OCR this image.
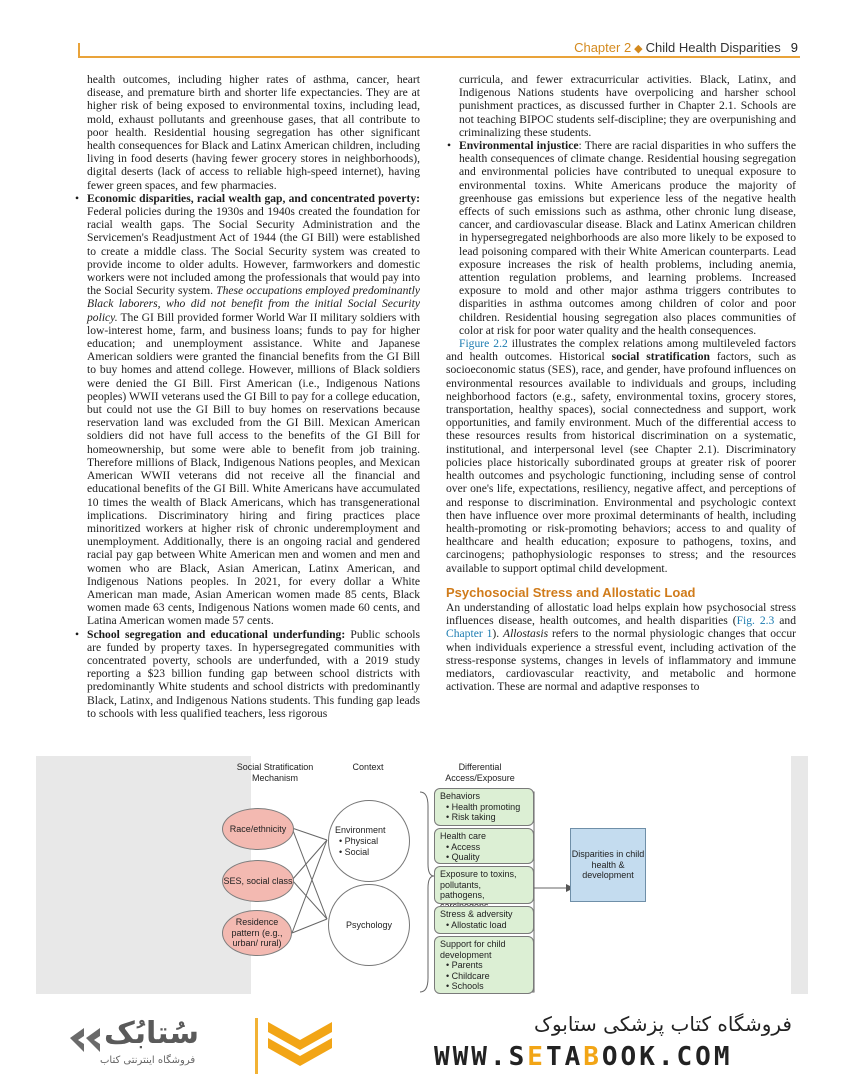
Chapter 2 ◆ Child Health Disparities 9

health outcomes, including higher rates of asthma, cancer, heart disease, and premature birth and shorter life expectancies. They are at higher risk of being exposed to environmental toxins, including lead, mold, exhaust pollutants and greenhouse gases, that all contribute to poor health. Residential housing segregation has other significant health consequences for Black and Latinx American children, including living in food deserts (having fewer grocery stores in neighborhoods), digital deserts (lack of access to reliable high-speed internet), having fewer green spaces, and few pharmacies.

• Economic disparities, racial wealth gap, and concentrated poverty: Federal policies during the 1930s and 1940s created the foundation for racial wealth gaps. The Social Security Administration and the Servicemen's Readjustment Act of 1944 (the GI Bill) were established to create a middle class. The Social Security system was created to provide income to older adults. However, farmworkers and domestic workers were not included among the professionals that would pay into the Social Security system. These occupations employed predominantly Black laborers, who did not benefit from the initial Social Security policy. The GI Bill provided former World War II military soldiers with low-interest home, farm, and business loans; funds to pay for higher education; and unemployment assistance. White and Japanese American soldiers were granted the financial benefits from the GI Bill to buy homes and attend college. However, millions of Black soldiers were denied the GI Bill. First American (i.e., Indigenous Nations peoples) WWII veterans used the GI Bill to pay for a college education, but could not use the GI Bill to buy homes on reservations because reservation land was excluded from the GI Bill. Mexican American soldiers did not have full access to the benefits of the GI Bill for homeownership, but some were able to benefit from job training. Therefore millions of Black, Indigenous Nations peoples, and Mexican American WWII veterans did not receive all the financial and educational benefits of the GI Bill. White Americans have accumulated 10 times the wealth of Black Americans, which has transgenerational implications. Discriminatory hiring and firing practices place minoritized workers at higher risk of chronic underemployment and unemployment. Additionally, there is an ongoing racial and gendered racial pay gap between White American men and women and men and women who are Black, Asian American, Latinx American, and Indigenous Nations peoples. In 2021, for every dollar a White American man made, Asian American women made 85 cents, Black women made 63 cents, Indigenous Nations women made 60 cents, and Latina American women made 57 cents.
• School segregation and educational underfunding: Public schools are funded by property taxes. In hypersegregated communities with concentrated poverty, schools are underfunded, with a 2019 study reporting a $23 billion funding gap between school districts with predominantly White students and school districts with predominantly Black, Latinx, and Indigenous Nations students. This funding gap leads to schools with less qualified teachers, less rigorous

curricula, and fewer extracurricular activities. Black, Latinx, and Indigenous Nations students have overpolicing and harsher school punishment practices, as discussed further in Chapter 2.1. Schools are not teaching BIPOC students self-discipline; they are overpunishing and criminalizing these students.

• Environmental injustice: There are racial disparities in who suffers the health consequences of climate change. Residential housing segregation and environmental policies have contributed to unequal exposure to environmental toxins. White Americans produce the majority of greenhouse gas emissions but experience less of the negative health effects of such emissions such as asthma, other chronic lung disease, cancer, and cardiovascular disease. Black and Latinx American children in hypersegregated neighborhoods are also more likely to be exposed to lead poisoning compared with their White American counterparts. Lead exposure increases the risk of health problems, including anemia, attention regulation problems, and learning problems. Increased exposure to mold and other major asthma triggers contributes to disparities in asthma outcomes among children of color and poor children. Residential housing segregation also places communities of color at risk for poor water quality and the health consequences.

Figure 2.2 illustrates the complex relations among multileveled factors and health outcomes. Historical social stratification factors, such as socioeconomic status (SES), race, and gender, have profound influences on environmental resources available to individuals and groups, including neighborhood factors (e.g., safety, environmental toxins, grocery stores, transportation, healthy spaces), social connectedness and support, work opportunities, and family environment. Much of the differential access to these resources results from historical discrimination on a systematic, institutional, and interpersonal level (see Chapter 2.1). Discriminatory policies place historically subordinated groups at greater risk of poorer health outcomes and psychologic functioning, including sense of control over one's life, expectations, resiliency, negative affect, and perceptions of and response to discrimination. Environmental and psychologic context then have influence over more proximal determinants of health, including health-promoting or risk-promoting behaviors; access to and quality of healthcare and health education; exposure to pathogens, toxins, and carcinogens; pathophysiologic responses to stress; and the resources available to support optimal child development.

Psychosocial Stress and Allostatic Load

An understanding of allostatic load helps explain how psychosocial stress influences disease, health outcomes, and health disparities (Fig. 2.3 and Chapter 1). Allostasis refers to the normal physiologic changes that occur when individuals experience a stressful event, including activation of the stress-response systems, changes in levels of inflammatory and immune mediators, cardiovascular reactivity, and metabolic and hormone activation. These are normal and adaptive responses to

Social Stratification Mechanism
Context	Differential Access/Exposure
Race/ethnicity
SES, social class
Residence pattern (e.g., urban/ rural)
Environment
• Physical
• Social
Psychology
Behaviors
• Health promoting
• Risk taking
Health care
• Access
• Quality
Exposure to toxins, pollutants, pathogens,
Stress & adversity
• Allostatic load
Support for child development
• Parents
• Childcare
• Schools
Disparities in child health & development
سُتابُک
فروشگاه اینترنتی کتاب
فروشگاه کتاب پزشکی ستابوک
WWW.SETABOOK.COM
